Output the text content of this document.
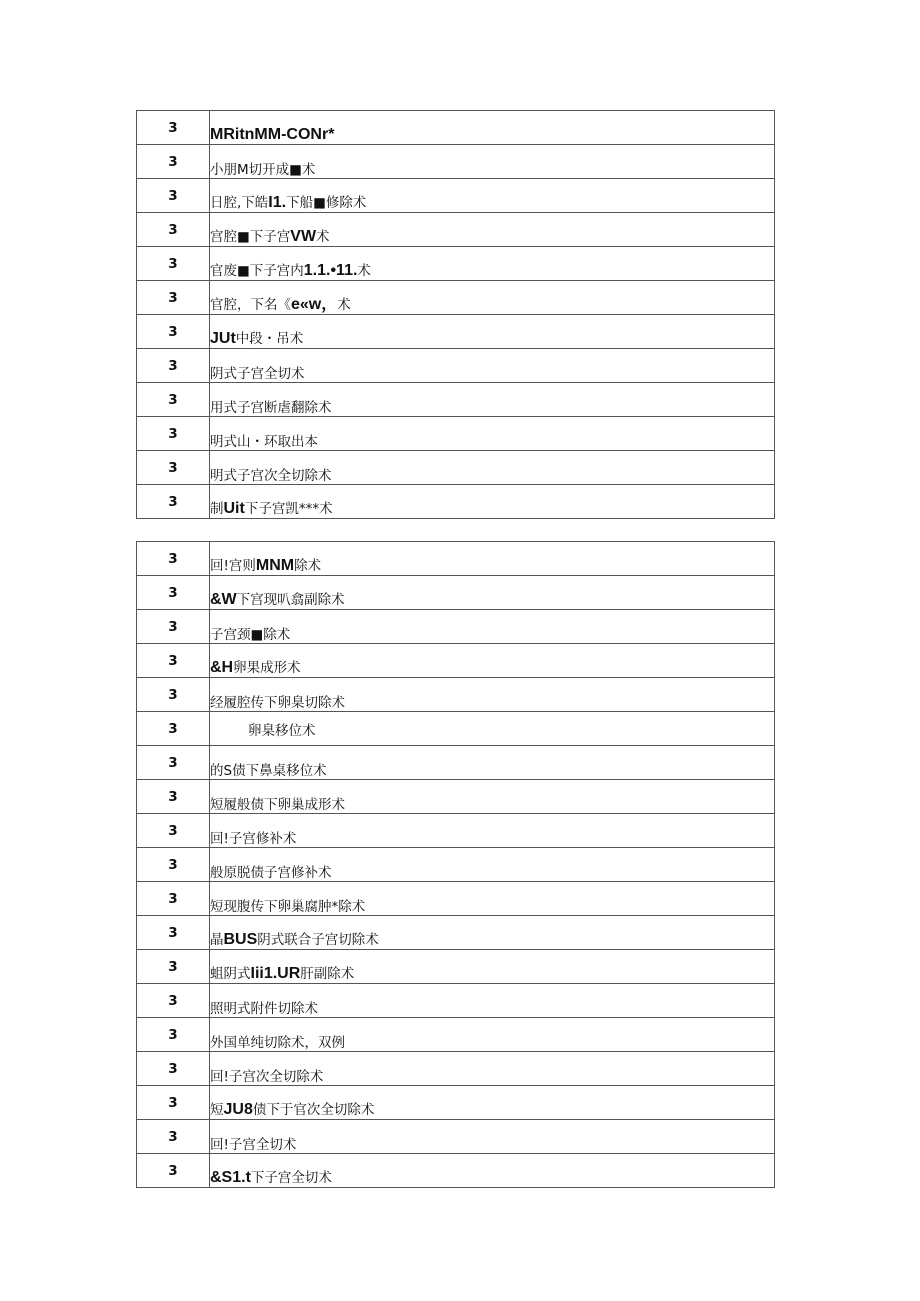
3	MRitnMM-CONr*
3	小朋M切开成■术
3	日腔,下皓I1.下船■修除术
3	宫腔■下子宫VW术
3	官废■下子宫内1.1.•11.术
3	官腔，下名《e«w，术
3	JUt中段・吊术
3	阴式子宫全切术
3	用式子宫断虐翻除术
3	明式山・环取出本
3	明式子宫次全切除术
3	制Uit下子宫凯***术
3	回!宫则MNM除术
3	&W下宫现叭翕副除术
3	子宫颈■除术
3	&H卵果成形术
3	经履腔传下卵臬切除术
3	卵臬移位术
3	的S债下鼻桌移位术
3	短履般债下卵巢成形术
3	回!子宫修补术
3	般原脱债子宫修补术
3	短现腹传下卵巢腐肿*除术
3	晶BUS阴式联合子宫切除术
3	蛆阴式Iii1.UR肝副除术
3	照明式附件切除术
3	外国单纯切除术，双例
3	回!子宫次全切除术
3	短JU8债下于官次全切除术
3	回!子宫全切术
3	&S1.t下子宫全切术
